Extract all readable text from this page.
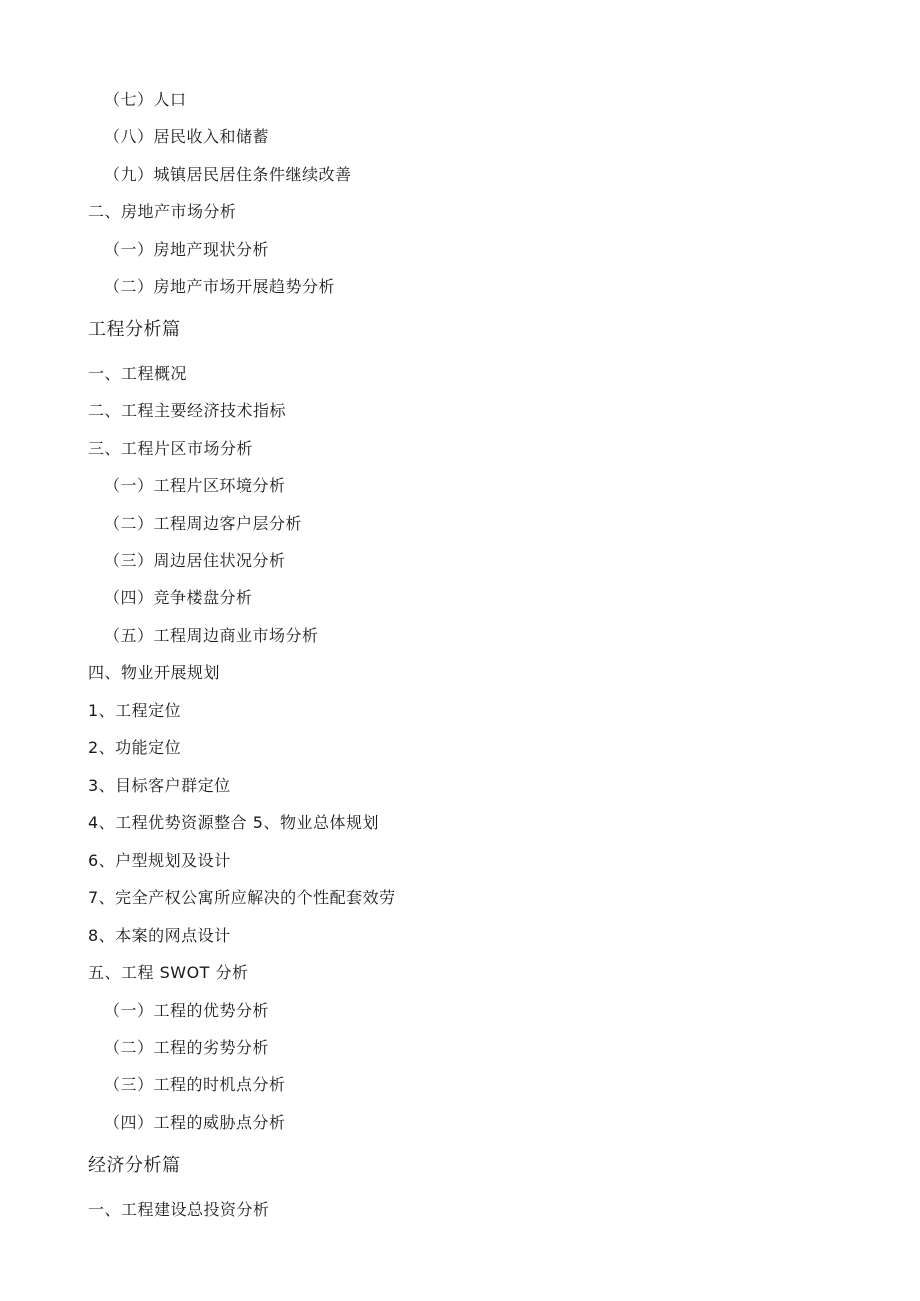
（七）人口
（八）居民收入和储蓄
（九）城镇居民居住条件继续改善
二、房地产市场分析
（一）房地产现状分析
（二）房地产市场开展趋势分析
工程分析篇
一、工程概况
二、工程主要经济技术指标
三、工程片区市场分析
（一）工程片区环境分析
（二）工程周边客户层分析
（三）周边居住状况分析
（四）竞争楼盘分析
（五）工程周边商业市场分析
四、物业开展规划
1、工程定位
2、功能定位
3、目标客户群定位
4、工程优势资源整合 5、物业总体规划
6、户型规划及设计
7、完全产权公寓所应解决的个性配套效劳
8、本案的网点设计
五、工程 SWOT 分析
（一）工程的优势分析
（二）工程的劣势分析
（三）工程的时机点分析
（四）工程的威胁点分析
经济分析篇
一、工程建设总投资分析
